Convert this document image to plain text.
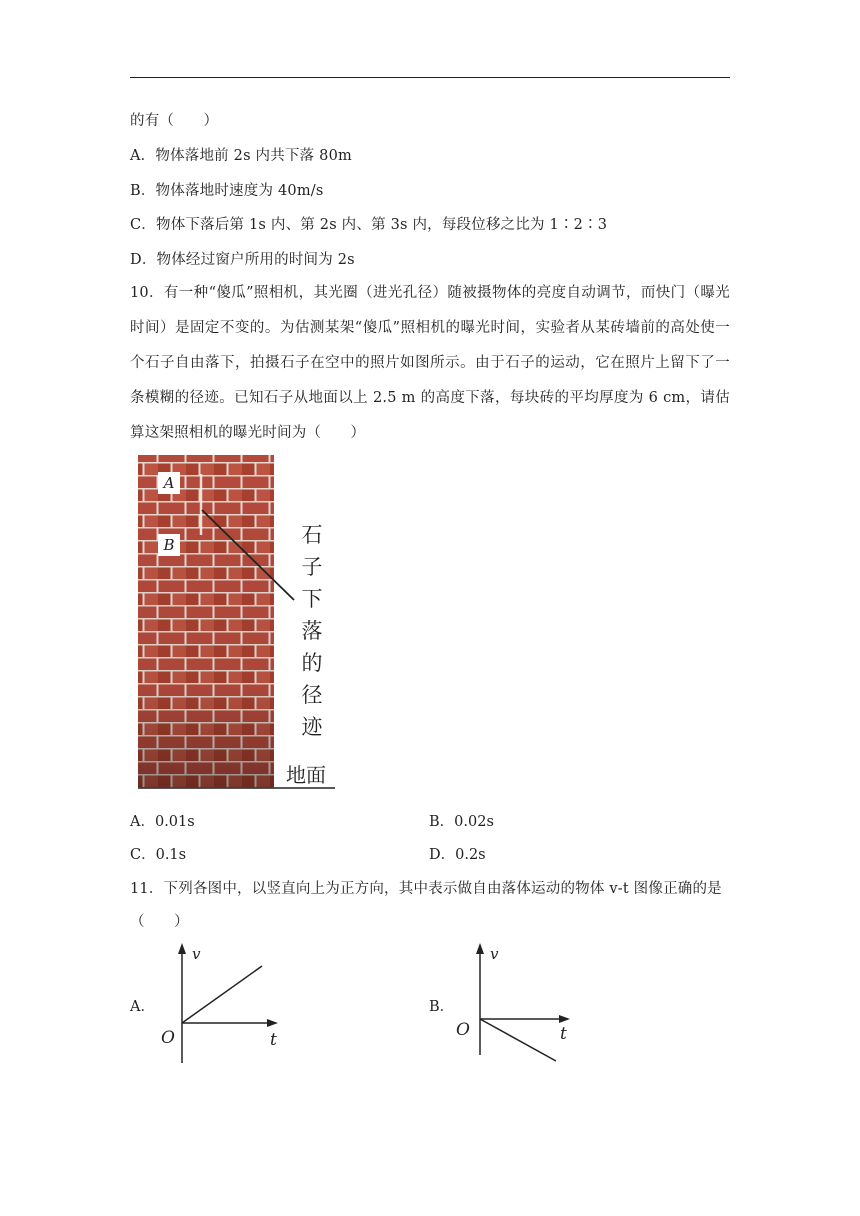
的有（　　）
A．物体落地前 2s 内共下落 80m
B．物体落地时速度为 40m/s
C．物体下落后第 1s 内、第 2s 内、第 3s 内，每段位移之比为 1∶2∶3
D．物体经过窗户所用的时间为 2s
10．有一种“傻瓜”照相机，其光圈（进光孔径）随被摄物体的亮度自动调节，而快门（曝光时间）是固定不变的。为估测某架“傻瓜”照相机的曝光时间，实验者从某砖墙前的高处使一个石子自由落下，拍摄石子在空中的照片如图所示。由于石子的运动，它在照片上留下了一条模糊的径迹。已知石子从地面以上 2.5 m 的高度下落，每块砖的平均厚度为 6 cm，请估算这架照相机的曝光时间为（　　）
A
B	石
子
下
落
的
径
迹
地面
A．0.01s	B．0.02s
C．0.1s	D．0.2s
11．下列各图中，以竖直向上为正方向，其中表示做自由落体运动的物体 v-t 图像正确的是
（　　）
A．
v
t
O
B．
v
t
O
